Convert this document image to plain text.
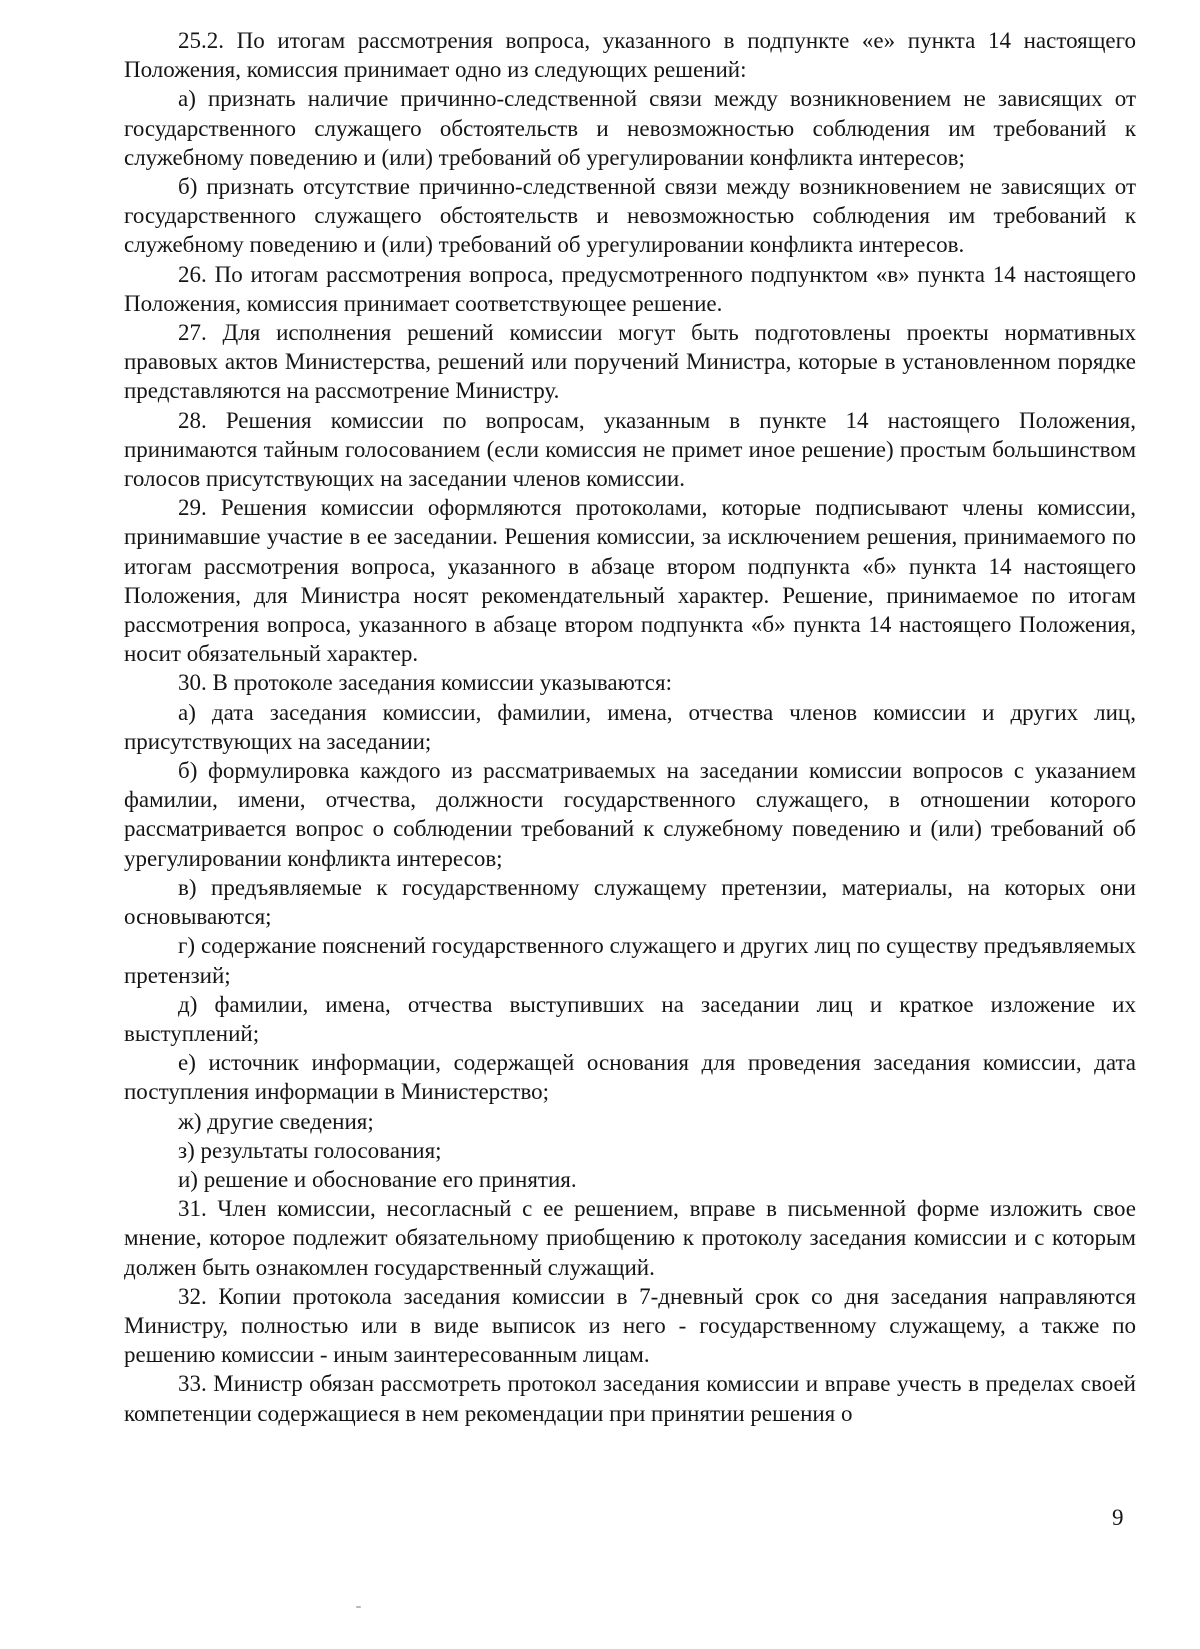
25.2. По итогам рассмотрения вопроса, указанного в подпункте «е» пункта 14 настоящего Положения, комиссия принимает одно из следующих решений:

а) признать наличие причинно-следственной связи между возникновением не зависящих от государственного служащего обстоятельств и невозможностью соблюдения им требований к служебному поведению и (или) требований об урегулировании конфликта интересов;

б) признать отсутствие причинно-следственной связи между возникновением не зависящих от государственного служащего обстоятельств и невозможностью соблюдения им требований к служебному поведению и (или) требований об урегулировании конфликта интересов.

26. По итогам рассмотрения вопроса, предусмотренного подпунктом «в» пункта 14 настоящего Положения, комиссия принимает соответствующее решение.

27. Для исполнения решений комиссии могут быть подготовлены проекты нормативных правовых актов Министерства, решений или поручений Министра, которые в установленном порядке представляются на рассмотрение Министру.

28. Решения комиссии по вопросам, указанным в пункте 14 настоящего Положения, принимаются тайным голосованием (если комиссия не примет иное решение) простым большинством голосов присутствующих на заседании членов комиссии.

29. Решения комиссии оформляются протоколами, которые подписывают члены комиссии, принимавшие участие в ее заседании. Решения комиссии, за исключением решения, принимаемого по итогам рассмотрения вопроса, указанного в абзаце втором подпункта «б» пункта 14 настоящего Положения, для Министра носят рекомендательный характер. Решение, принимаемое по итогам рассмотрения вопроса, указанного в абзаце втором подпункта «б» пункта 14 настоящего Положения, носит обязательный характер.

30. В протоколе заседания комиссии указываются:

а) дата заседания комиссии, фамилии, имена, отчества членов комиссии и других лиц, присутствующих на заседании;

б) формулировка каждого из рассматриваемых на заседании комиссии вопросов с указанием фамилии, имени, отчества, должности государственного служащего, в отношении которого рассматривается вопрос о соблюдении требований к служебному поведению и (или) требований об урегулировании конфликта интересов;

в) предъявляемые к государственному служащему претензии, материалы, на которых они основываются;

г) содержание пояснений государственного служащего и других лиц по существу предъявляемых претензий;

д) фамилии, имена, отчества выступивших на заседании лиц и краткое изложение их выступлений;

е) источник информации, содержащей основания для проведения заседания комиссии, дата поступления информации в Министерство;

ж) другие сведения;

з) результаты голосования;

и) решение и обоснование его принятия.

31. Член комиссии, несогласный с ее решением, вправе в письменной форме изложить свое мнение, которое подлежит обязательному приобщению к протоколу заседания комиссии и с которым должен быть ознакомлен государственный служащий.

32. Копии протокола заседания комиссии в 7-дневный срок со дня заседания направляются Министру, полностью или в виде выписок из него - государственному служащему, а также по решению комиссии - иным заинтересованным лицам.

33. Министр обязан рассмотреть протокол заседания комиссии и вправе учесть в пределах своей компетенции содержащиеся в нем рекомендации при принятии решения о

9
